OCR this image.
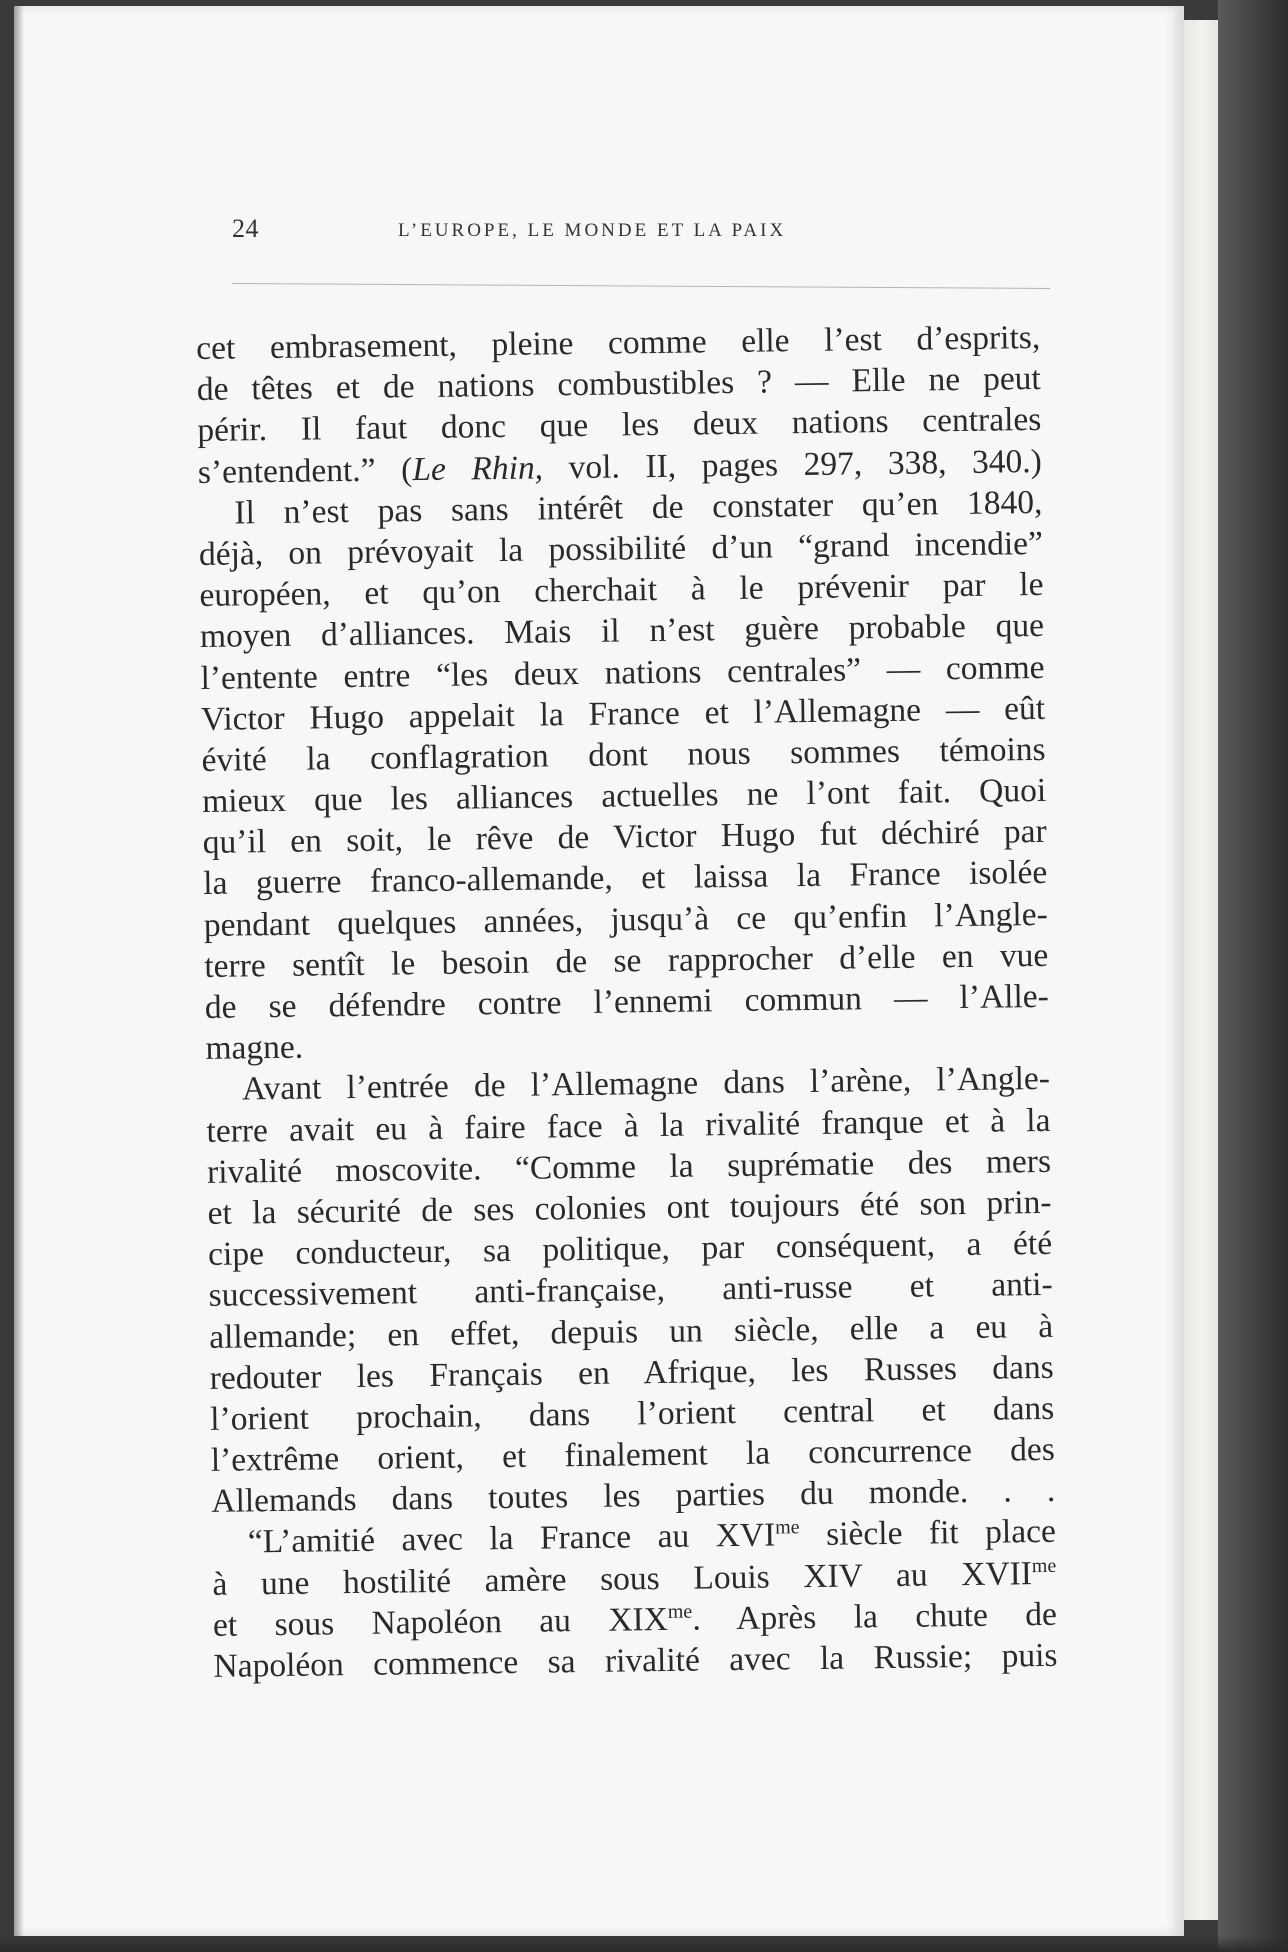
24	L’EUROPE, LE MONDE ET LA PAIX
cet embrasement, pleine comme elle l’est d’esprits,
de têtes et de nations combustibles ? — Elle ne peut
périr. Il faut donc que les deux nations centrales
s’entendent.” (Le Rhin, vol. II, pages 297, 338, 340.)
Il n’est pas sans intérêt de constater qu’en 1840,
déjà, on prévoyait la possibilité d’un “grand incendie”
européen, et qu’on cherchait à le prévenir par le
moyen d’alliances. Mais il n’est guère probable que
l’entente entre “les deux nations centrales” — comme
Victor Hugo appelait la France et l’Allemagne — eût
évité la conflagration dont nous sommes témoins
mieux que les alliances actuelles ne l’ont fait. Quoi
qu’il en soit, le rêve de Victor Hugo fut déchiré par
la guerre franco-allemande, et laissa la France isolée
pendant quelques années, jusqu’à ce qu’enfin l’Angle-
terre sentît le besoin de se rapprocher d’elle en vue
de se défendre contre l’ennemi commun — l’Alle-
magne.
Avant l’entrée de l’Allemagne dans l’arène, l’Angle-
terre avait eu à faire face à la rivalité franque et à la
rivalité moscovite. “Comme la suprématie des mers
et la sécurité de ses colonies ont toujours été son prin-
cipe conducteur, sa politique, par conséquent, a été
successivement anti-française, anti-russe et anti-
allemande; en effet, depuis un siècle, elle a eu à
redouter les Français en Afrique, les Russes dans
l’orient prochain, dans l’orient central et dans
l’extrême orient, et finalement la concurrence des
Allemands dans toutes les parties du monde. . .
“L’amitié avec la France au $XVI^{me}$ siècle fit place
à une hostilité amère sous Louis XIV au $XVII^{me}$
et sous Napoléon au $XIX^{me}$. Après la chute de
Napoléon commence sa rivalité avec la Russie; puis
